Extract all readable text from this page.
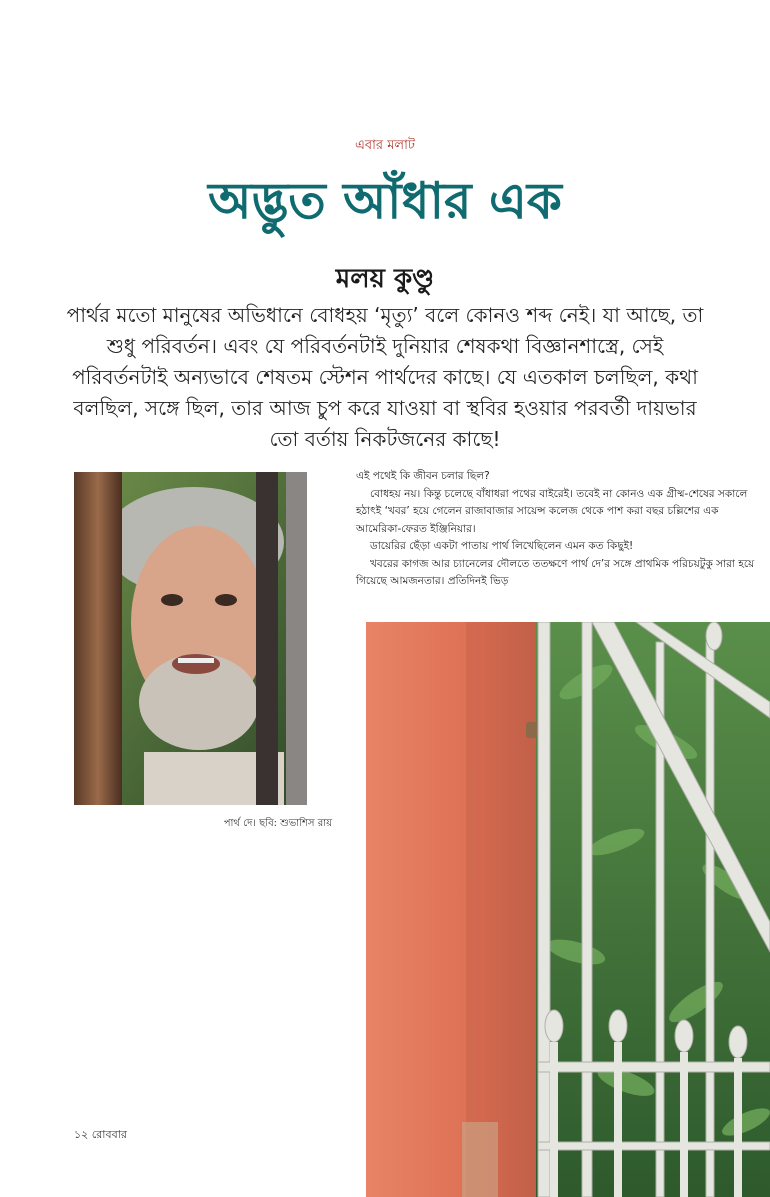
এবার মলাট
অদ্ভুত আঁধার এক
মলয় কুণ্ডু
পার্থর মতো মানুষের অভিধানে বোধহয় ‘মৃত্যু’ বলে কোনও শব্দ নেই। যা আছে, তা শুধু পরিবর্তন। এবং যে পরিবর্তনটাই দুনিয়ার শেষকথা বিজ্ঞানশাস্ত্রে, সেই পরিবর্তনটাই অন্যভাবে শেষতম স্টেশন পার্থদের কাছে। যে এতকাল চলছিল, কথা বলছিল, সঙ্গে ছিল, তার আজ চুপ করে যাওয়া বা স্থবির হওয়ার পরবর্তী দায়ভার তো বর্তায় নিকটজনের কাছে!
পার্থ দে। ছবি: শুভাশিস রায়

এই পথেই কি জীবন চলার ছিল?

বোধহয় নয়। কিন্তু চলেছে বাঁধাধরা পথের বাইরেই। তবেই না কোনও এক গ্রীষ্ম-শেষের সকালে হঠাৎই ‘খবর’ হয়ে গেলেন রাজাবাজার সায়েন্স কলেজ থেকে পাশ করা বছর চল্লিশের এক আমেরিকা-ফেরত ইঞ্জিনিয়ার।

ডায়েরির ছেঁড়া একটা পাতায় পার্থ লিখেছিলেন এমন কত কিছুই!

খবরের কাগজ আর চ্যানেলের দৌলতে ততক্ষণে পার্থ দে’র সঙ্গে প্রাথমিক পরিচয়টুকু সারা হয়ে গিয়েছে আমজনতার। প্রতিদিনই ভিড়

১২ রোববার
